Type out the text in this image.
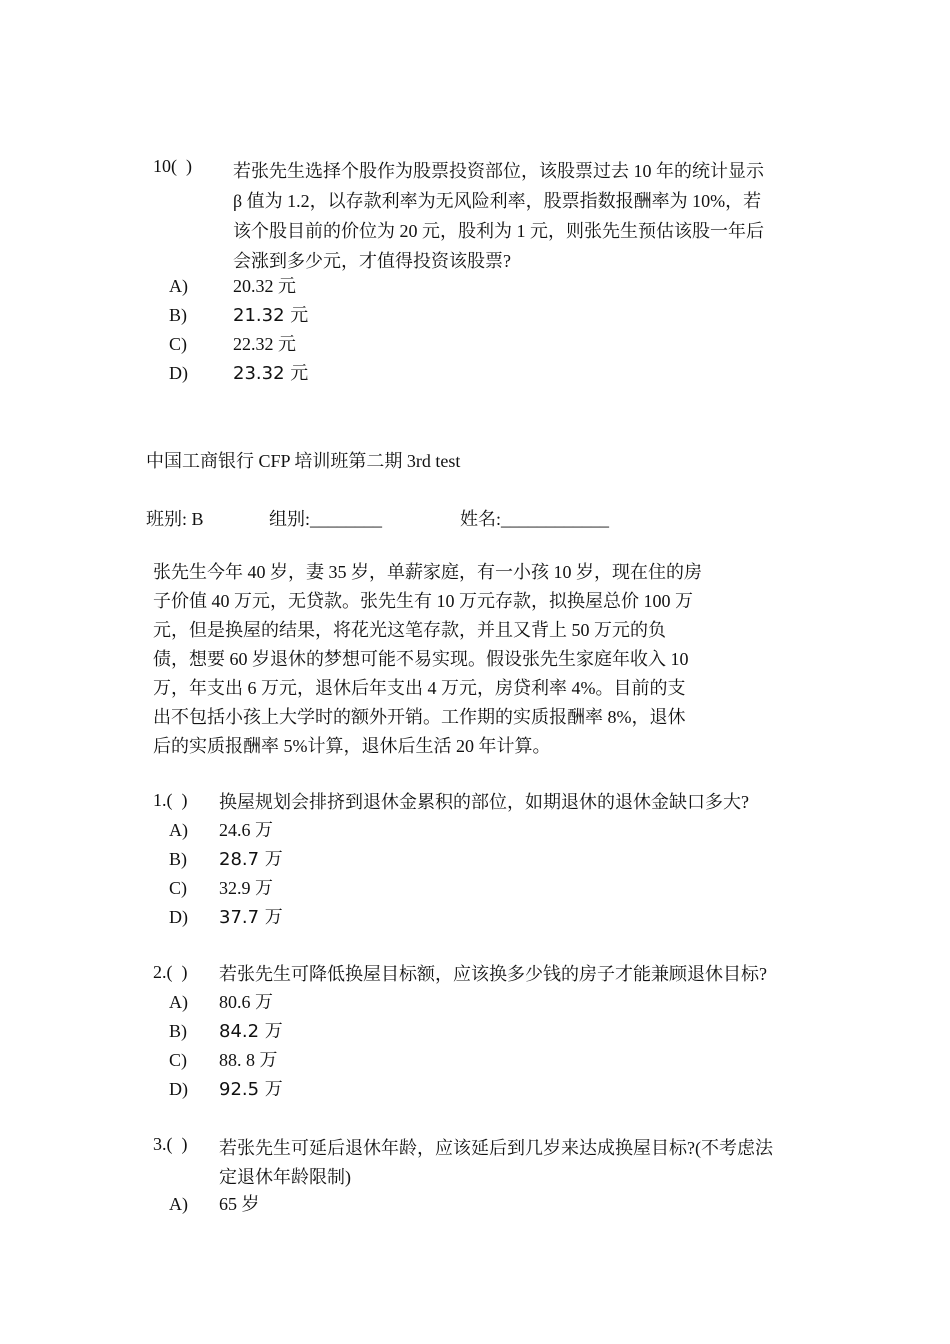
10(  ) 若张先生选择个股作为股票投资部位，该股票过去 10 年的统计显示
β 值为 1.2，以存款利率为无风险利率，股票指数报酬率为 10%，若
该个股目前的价位为 20 元，股利为 1 元，则张先生预估该股一年后
会涨到多少元，才值得投资该股票?
A)	20.32 元
B)	21.32 元
C)	22.32 元
D)	23.32 元
中国工商银行 CFP 培训班第二期 3rd test
班别: B	组别:________	姓名:____________
张先生今年 40 岁，妻 35 岁，单薪家庭，有一小孩 10 岁，现在住的房
子价值 40 万元，无贷款。张先生有 10 万元存款，拟换屋总价 100 万
元，但是换屋的结果，将花光这笔存款，并且又背上 50 万元的负
债，想要 60 岁退休的梦想可能不易实现。假设张先生家庭年收入 10
万，年支出 6 万元，退休后年支出 4 万元，房贷利率 4%。目前的支
出不包括小孩上大学时的额外开销。工作期的实质报酬率 8%，退休
后的实质报酬率 5%计算，退休后生活 20 年计算。
1.(  ) 换屋规划会排挤到退休金累积的部位，如期退休的退休金缺口多大?
A) 24.6 万
B) 28.7 万
C) 32.9 万
D) 37.7 万
2.(  ) 若张先生可降低换屋目标额，应该换多少钱的房子才能兼顾退休目标?
A) 80.6 万
B) 84.2 万
C) 88. 8 万
D) 92.5 万
3.(  ) 若张先生可延后退休年龄，应该延后到几岁来达成换屋目标?(不考虑法
定退休年龄限制)
A) 65 岁
